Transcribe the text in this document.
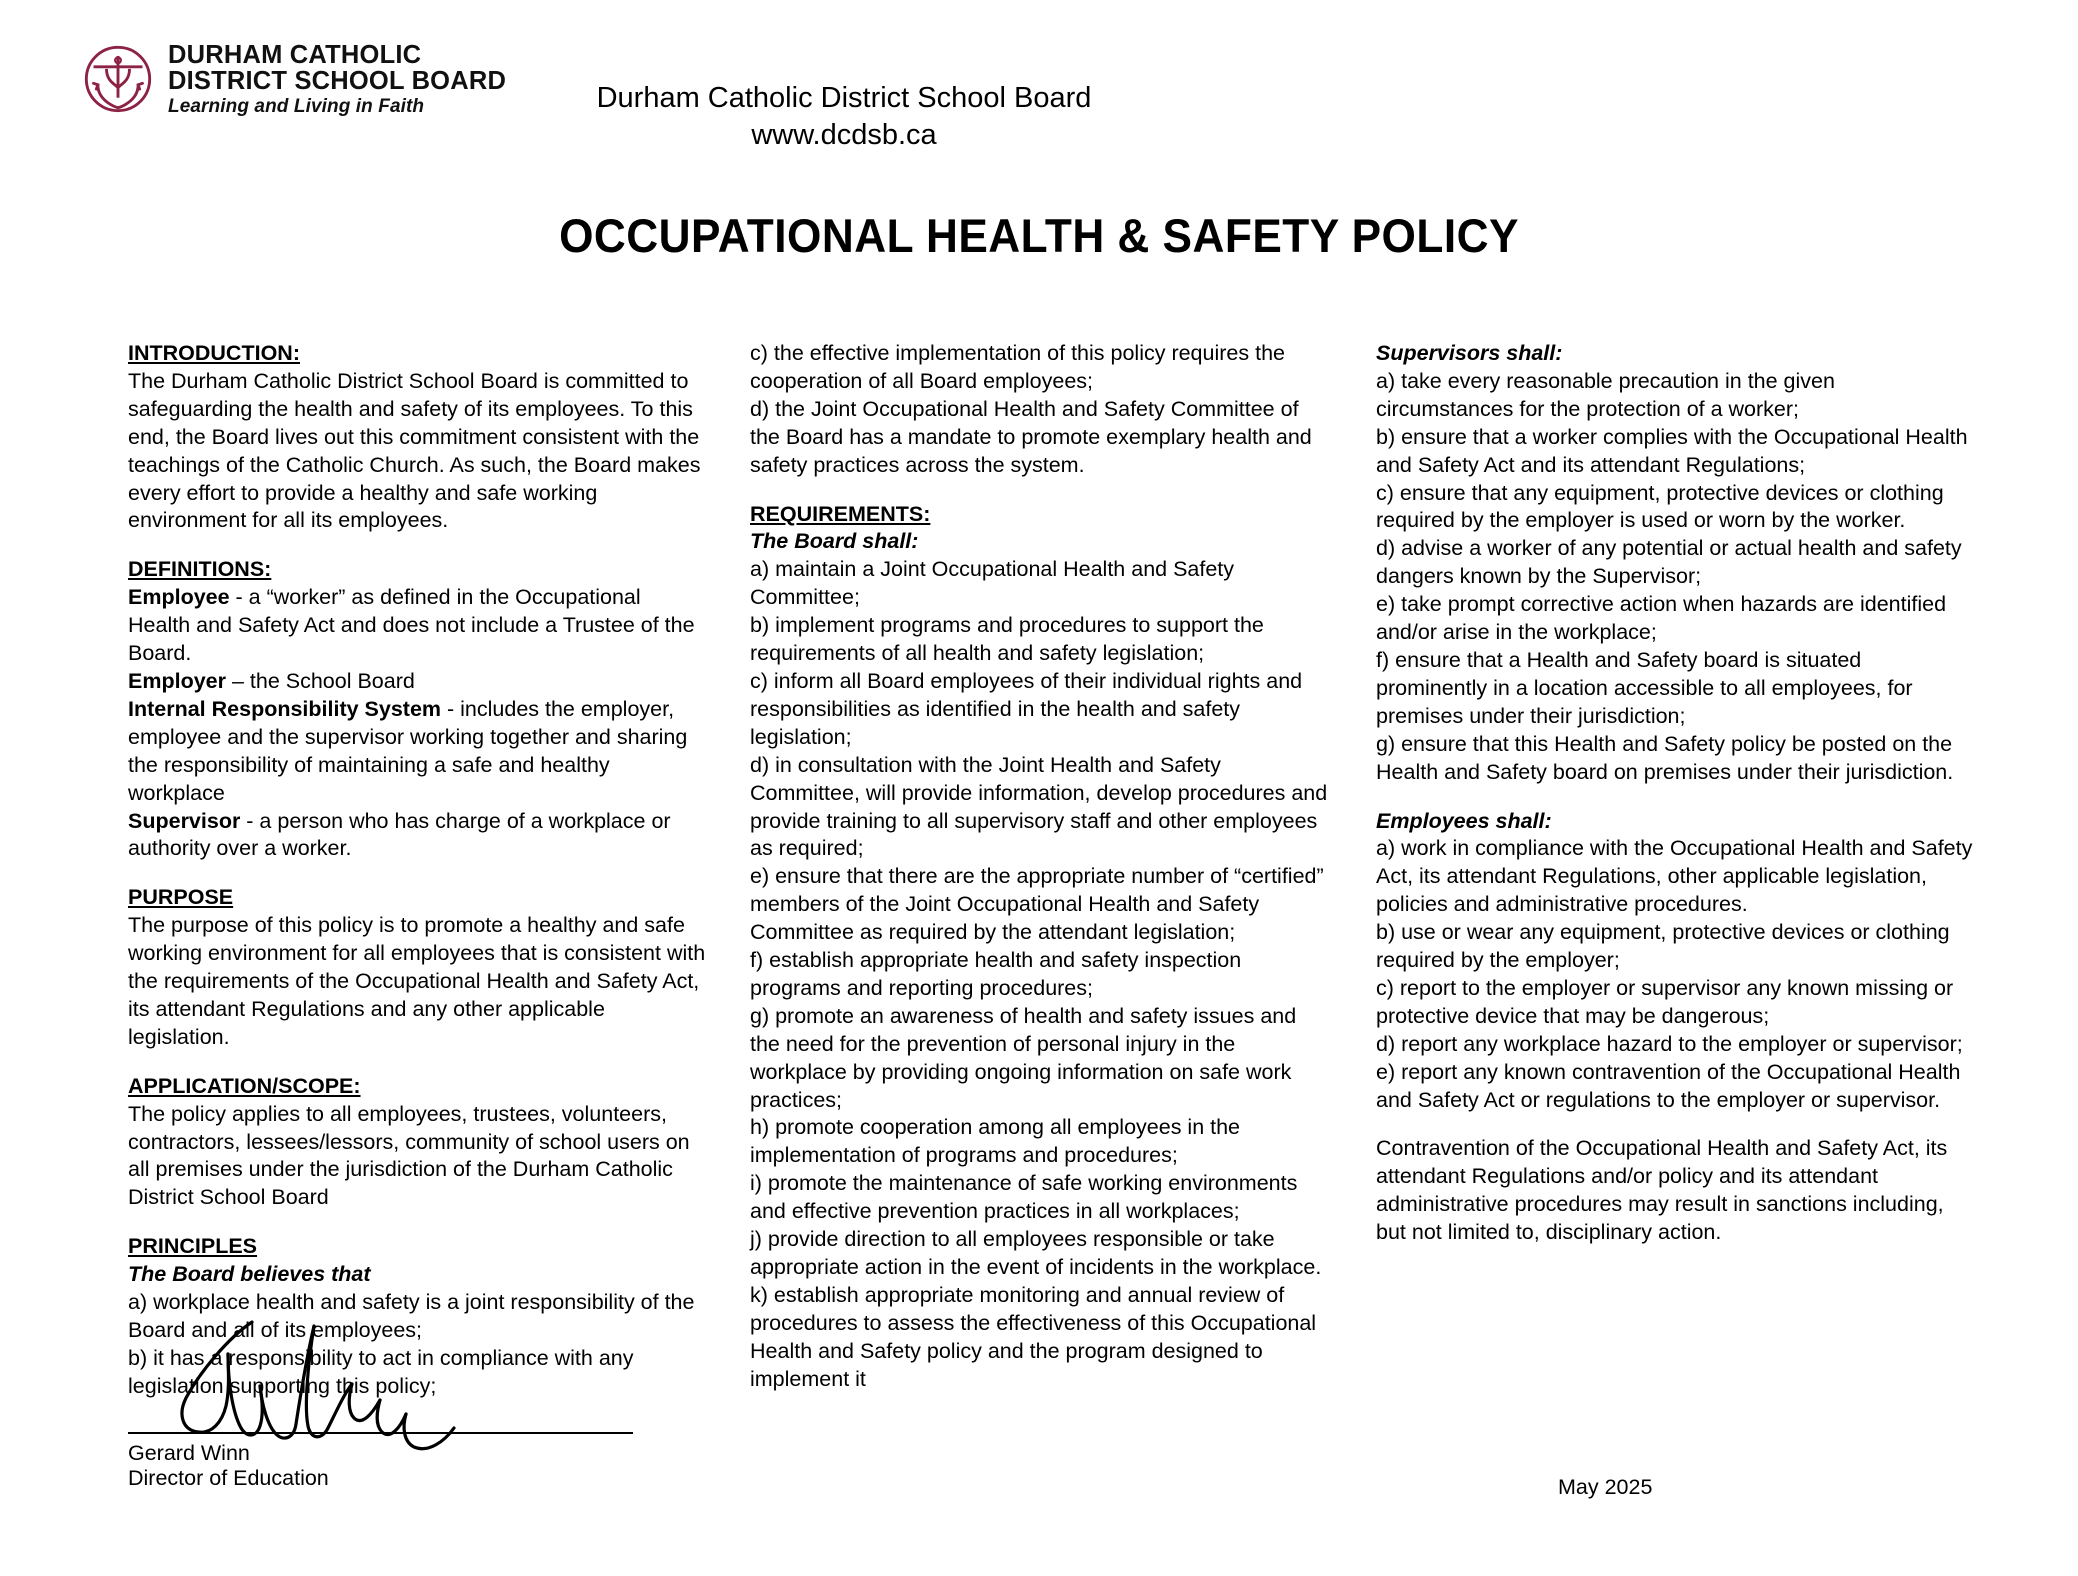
DURHAM CATHOLIC
DISTRICT SCHOOL BOARD
Learning and Living in Faith	Durham Catholic District School Board
www.dcdsb.ca
OCCUPATIONAL HEALTH & SAFETY POLICY
INTRODUCTION:

The Durham Catholic District School Board is committed to safeguarding the health and safety of its employees. To this end, the Board lives out this commitment consistent with the teachings of the Catholic Church. As such, the Board makes every effort to provide a healthy and safe working environment for all its employees.

DEFINITIONS:

Employee - a “worker” as defined in the Occupational Health and Safety Act and does not include a Trustee of the Board.

Employer – the School Board

Internal Responsibility System - includes the employer, employee and the supervisor working together and sharing the responsibility of maintaining a safe and healthy workplace

Supervisor - a person who has charge of a workplace or authority over a worker.

PURPOSE

The purpose of this policy is to promote a healthy and safe working environment for all employees that is consistent with the requirements of the Occupational Health and Safety Act, its attendant Regulations and any other applicable legislation.

APPLICATION/SCOPE:

The policy applies to all employees, trustees, volunteers, contractors, lessees/lessors, community of school users on all premises under the jurisdiction of the Durham Catholic District School Board

PRINCIPLES
The Board believes that

a) workplace health and safety is a joint responsibility of the Board and all of its employees;

b) it has a responsibility to act in compliance with any legislation supporting this policy;

c) the effective implementation of this policy requires the cooperation of all Board employees;

d) the Joint Occupational Health and Safety Committee of the Board has a mandate to promote exemplary health and safety practices across the system.

REQUIREMENTS:
The Board shall:

a) maintain a Joint Occupational Health and Safety Committee;

b) implement programs and procedures to support the requirements of all health and safety legislation;

c) inform all Board employees of their individual rights and responsibilities as identified in the health and safety legislation;

d) in consultation with the Joint Health and Safety Committee, will provide information, develop procedures and provide training to all supervisory staff and other employees as required;

e) ensure that there are the appropriate number of “certified” members of the Joint Occupational Health and Safety Committee as required by the attendant legislation;

f) establish appropriate health and safety inspection programs and reporting procedures;

g) promote an awareness of health and safety issues and the need for the prevention of personal injury in the workplace by providing ongoing information on safe work practices;

h) promote cooperation among all employees in the implementation of programs and procedures;

i) promote the maintenance of safe working environments and effective prevention practices in all workplaces;

j) provide direction to all employees responsible or take appropriate action in the event of incidents in the workplace.

k) establish appropriate monitoring and annual review of procedures to assess the effectiveness of this Occupational Health and Safety policy and the program designed to implement it

Supervisors shall:

a) take every reasonable precaution in the given circumstances for the protection of a worker;

b) ensure that a worker complies with the Occupational Health and Safety Act and its attendant Regulations;

c) ensure that any equipment, protective devices or clothing required by the employer is used or worn by the worker.

d) advise a worker of any potential or actual health and safety dangers known by the Supervisor;

e) take prompt corrective action when hazards are identified and/or arise in the workplace;

f) ensure that a Health and Safety board is situated prominently in a location accessible to all employees, for premises under their jurisdiction;

g) ensure that this Health and Safety policy be posted on the Health and Safety board on premises under their jurisdiction.

Employees shall:

a) work in compliance with the Occupational Health and Safety Act, its attendant Regulations, other applicable legislation, policies and administrative procedures.

b) use or wear any equipment, protective devices or clothing required by the employer;

c) report to the employer or supervisor any known missing or protective device that may be dangerous;

d) report any workplace hazard to the employer or supervisor;

e) report any known contravention of the Occupational Health and Safety Act or regulations to the employer or supervisor.

Contravention of the Occupational Health and Safety Act, its attendant Regulations and/or policy and its attendant administrative procedures may result in sanctions including, but not limited to, disciplinary action.

Gerard Winn
Director of Education	May 2025
